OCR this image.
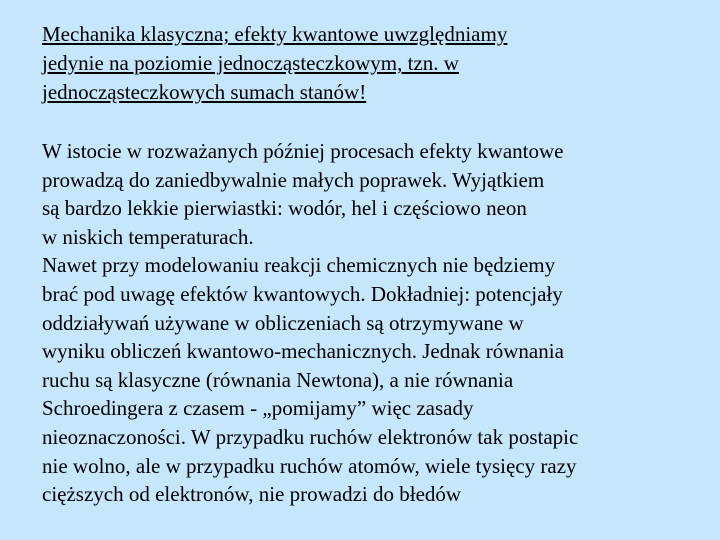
Mechanika klasyczna; efekty kwantowe uwzględniamy
jedynie na poziomie jednocząsteczkowym, tzn. w
jednocząsteczkowych sumach stanów!

W istocie w rozważanych później procesach efekty kwantowe
prowadzą do zaniedbywalnie małych poprawek. Wyjątkiem
są bardzo lekkie pierwiastki: wodór, hel i częściowo neon
w niskich temperaturach.
Nawet przy modelowaniu reakcji chemicznych nie będziemy
brać pod uwagę efektów kwantowych. Dokładniej: potencjały
oddziaływań używane w obliczeniach są otrzymywane w
wyniku obliczeń kwantowo-mechanicznych. Jednak równania
ruchu są klasyczne (równania Newtona), a nie równania
Schroedingera z czasem - „pomijamy” więc zasady
nieoznaczoności. W przypadku ruchów elektronów tak postapic
nie wolno, ale w przypadku ruchów atomów, wiele tysięcy razy
cięższych od elektronów, nie prowadzi do błedów
